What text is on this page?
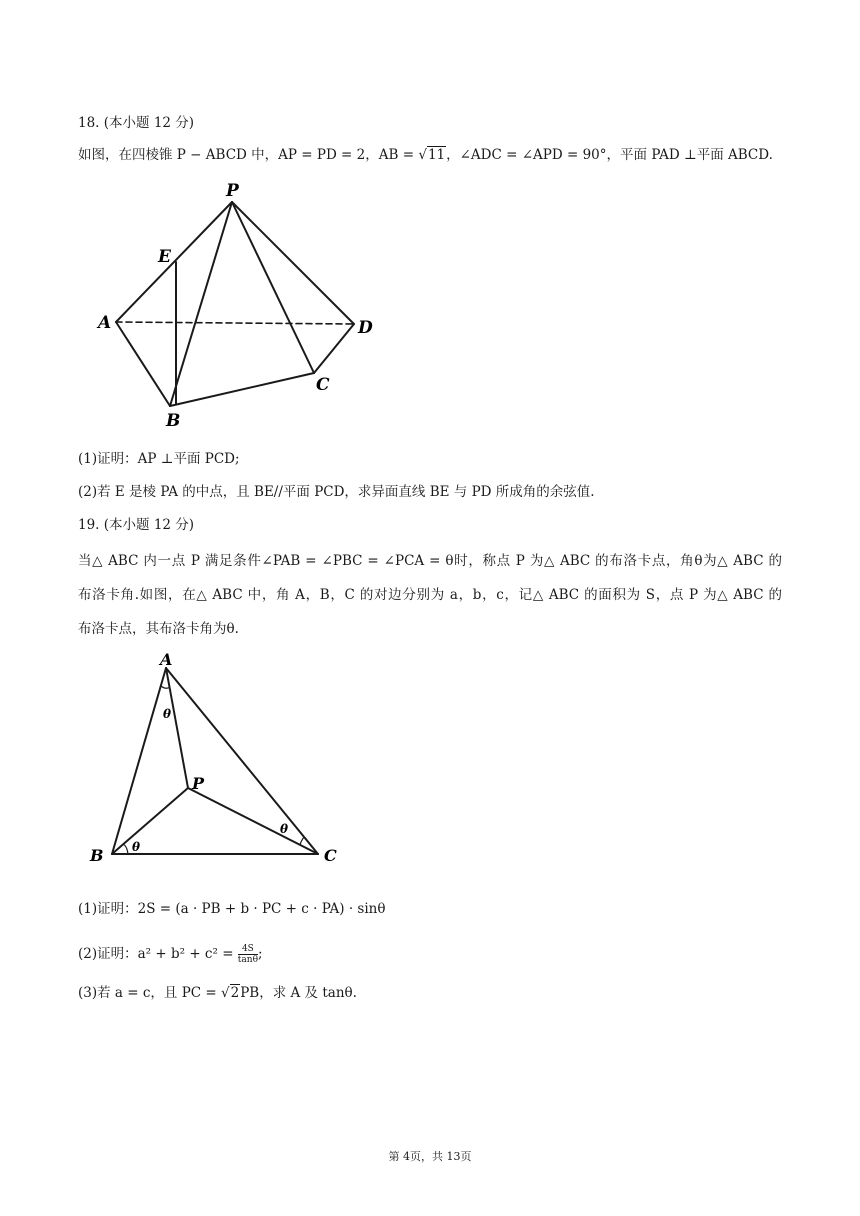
18. (本小题 12 分)
如图，在四棱锥 P − ABCD 中，AP = PD = 2，AB = √11，∠ADC = ∠APD = 90°，平面 PAD ⊥平面 ABCD.
P
E
A	D
C
B
(1)证明：AP ⊥平面 PCD;
(2)若 E 是棱 PA 的中点，且 BE//平面 PCD，求异面直线 BE 与 PD 所成角的余弦值.
19. (本小题 12 分)
当△ ABC 内一点 P 满足条件∠PAB = ∠PBC = ∠PCA = θ时，称点 P 为△ ABC 的布洛卡点，角θ为△ ABC 的
布洛卡角.如图，在△ ABC 中，角 A，B，C 的对边分别为 a，b，c，记△ ABC 的面积为 S，点 P 为△ ABC 的
布洛卡点，其布洛卡角为θ.
A
B	C
P
θ
θ
θ
(1)证明：2S = (a · PB + b · PC + c · PA) · sinθ
(2)证明：$a^2 + b^2 + c^2 = \frac{4S}{\tan\theta}$ ;
(3)若 a = c，且 PC = √2PB，求 A 及 tanθ.
第 4页，共 13页
